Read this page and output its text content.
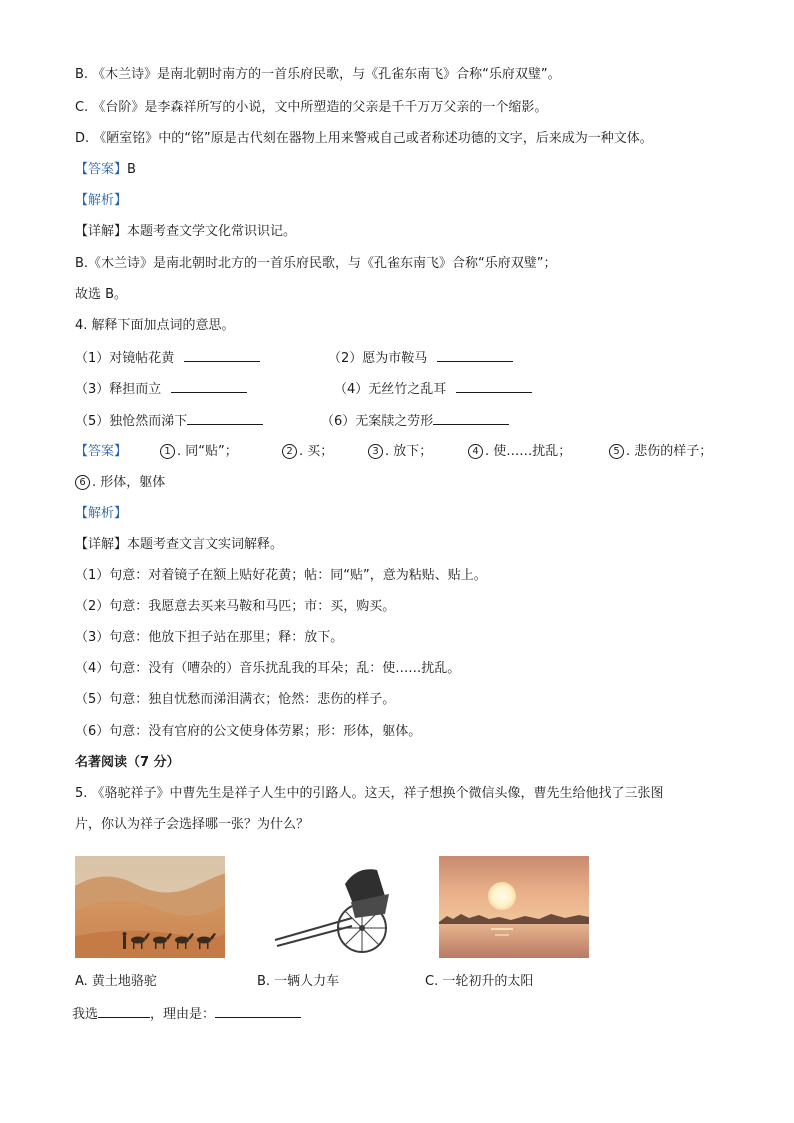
B. 《木兰诗》是南北朝时南方的一首乐府民歌，与《孔雀东南飞》合称“乐府双璧”。
C. 《台阶》是李森祥所写的小说，文中所塑造的父亲是千千万万父亲的一个缩影。
D. 《陋室铭》中的“铭”原是古代刻在器物上用来警戒自己或者称述功德的文字，后来成为一种文体。
【答案】B
【解析】
【详解】本题考查文学文化常识识记。
B.《木兰诗》是南北朝时北方的一首乐府民歌，与《孔雀东南飞》合称“乐府双璧”；
故选 B。
4. 解释下面加点词的意思。
（1）对镜帖花黄	（2）愿为市鞍马
（3）释担而立	（4）无丝竹之乱耳
（5）独怆然而涕下	（6）无案牍之劳形
【答案】	1 . 同“贴”；	2 . 买；	3 . 放下；	4 . 使……扰乱；	5 . 悲伤的样子；
6 . 形体，躯体
【解析】
【详解】本题考查文言文实词解释。
（1）句意：对着镜子在额上贴好花黄；帖：同“贴”，意为粘贴、贴上。
（2）句意：我愿意去买来马鞍和马匹；市：买，购买。
（3）句意：他放下担子站在那里；释：放下。
（4）句意：没有（嘈杂的）音乐扰乱我的耳朵；乱：使……扰乱。
（5）句意：独自忧愁而涕泪满衣；怆然：悲伤的样子。
（6）句意：没有官府的公文使身体劳累；形：形体，躯体。
名著阅读（7 分）
5. 《骆驼祥子》中曹先生是祥子人生中的引路人。这天，祥子想换个微信头像，曹先生给他找了三张图
片，你认为祥子会选择哪一张？为什么？
A. 黄土地骆驼	B. 一辆人力车	C. 一轮初升的太阳
我选	，理由是：
